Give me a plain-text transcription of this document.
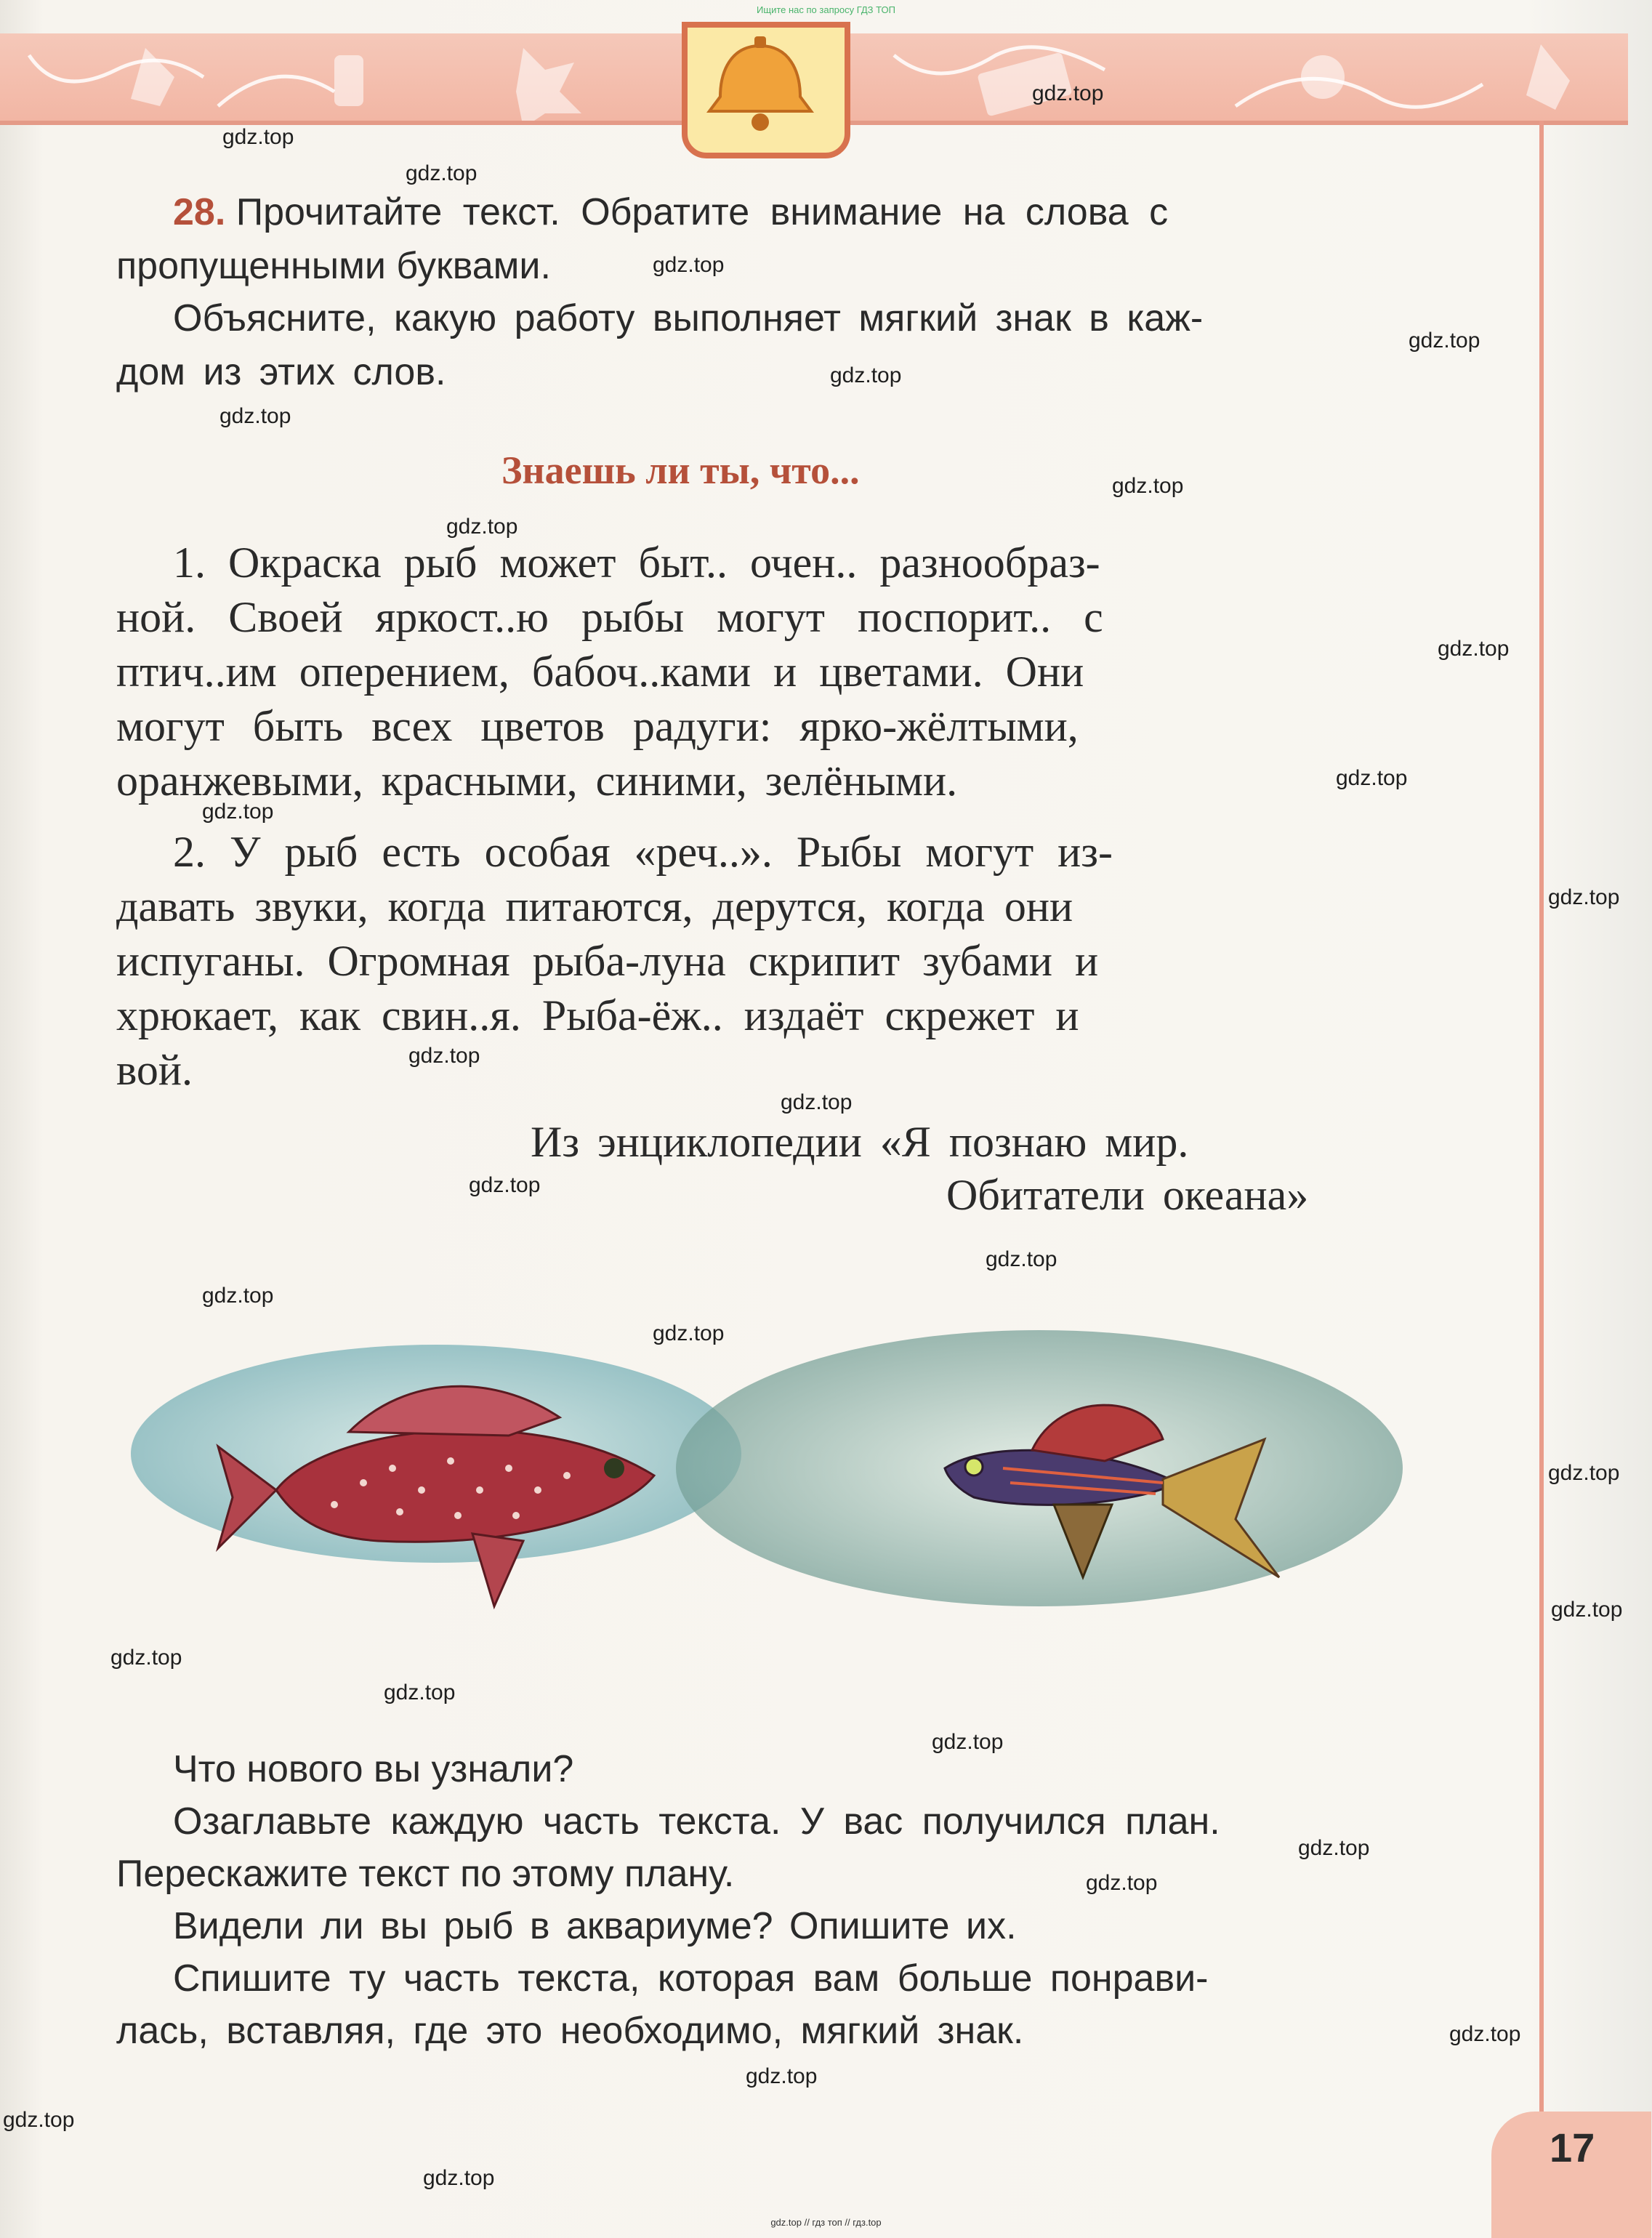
Ищите нас по запросу ГДЗ ТОП
28. Прочитайте текст. Обратите внимание на слова с
пропущенными буквами.
Объясните, какую работу выполняет мягкий знак в каж-
дом из этих слов.
Знаешь ли ты, что...
1. Окраска рыб может быт.. очен.. разнообраз-
ной. Своей яркост..ю рыбы могут поспорит.. с
птич..им оперением, бабоч..ками и цветами. Они
могут быть всех цветов радуги: ярко-жёлтыми,
оранжевыми, красными, синими, зелёными.
2. У рыб есть особая «реч..». Рыбы могут из-
давать звуки, когда питаются, дерутся, когда они
испуганы. Огромная рыба-луна скрипит зубами и
хрюкает, как свин..я. Рыба-ёж.. издаёт скрежет и
вой.
Из энциклопедии «Я познаю мир.
Обитатели океана»
Что нового вы узнали?
Озаглавьте каждую часть текста. У вас получился план.
Перескажите текст по этому плану.
Видели ли вы рыб в аквариуме? Опишите их.
Спишите ту часть текста, которая вам больше понрави-
лась, вставляя, где это необходимо, мягкий знак.
gdz.top
gdz.top
gdz.top
gdz.top
gdz.top
gdz.top
gdz.top
gdz.top
gdz.top
gdz.top
gdz.top
gdz.top
gdz.top
gdz.top
gdz.top
gdz.top
gdz.top
gdz.top
gdz.top
gdz.top
gdz.top
gdz.top
gdz.top
gdz.top
gdz.top
gdz.top
gdz.top
gdz.top
gdz.top
gdz.top
17
gdz.top // гдз топ // гдз.top
